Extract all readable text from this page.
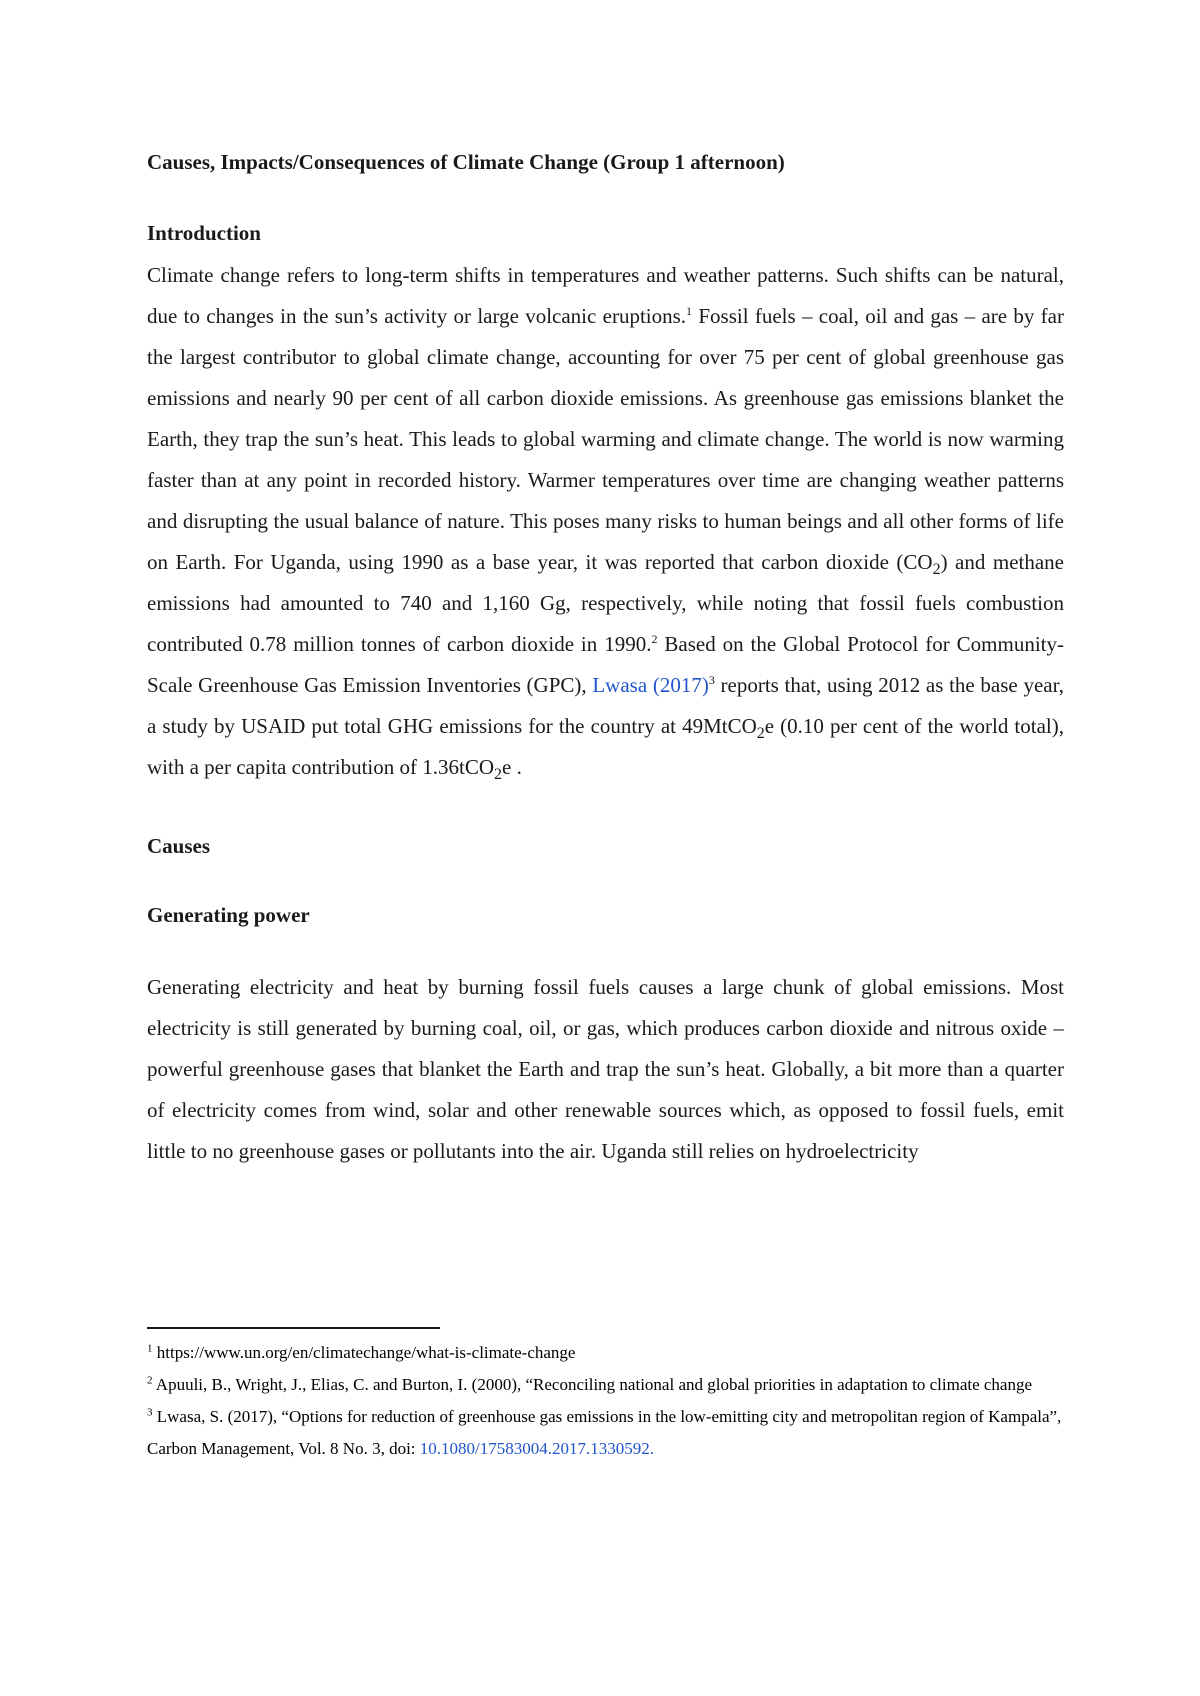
Causes, Impacts/Consequences of Climate Change (Group 1 afternoon)

Introduction

Climate change refers to long-term shifts in temperatures and weather patterns. Such shifts can be natural, due to changes in the sun’s activity or large volcanic eruptions.$^1$ Fossil fuels – coal, oil and gas – are by far the largest contributor to global climate change, accounting for over 75 per cent of global greenhouse gas emissions and nearly 90 per cent of all carbon dioxide emissions. As greenhouse gas emissions blanket the Earth, they trap the sun’s heat. This leads to global warming and climate change. The world is now warming faster than at any point in recorded history. Warmer temperatures over time are changing weather patterns and disrupting the usual balance of nature. This poses many risks to human beings and all other forms of life on Earth. For Uganda, using 1990 as a base year, it was reported that carbon dioxide $(CO_2)$ and methane emissions had amounted to 740 and 1,160 Gg, respectively, while noting that fossil fuels combustion contributed 0.78 million tonnes of carbon dioxide in 1990.$^2$ Based on the Global Protocol for Community-Scale Greenhouse Gas Emission Inventories (GPC), Lwasa $(2017)^3$ reports that, using 2012 as the base year, a study by USAID put total GHG emissions for the country at 49MtCO$_2$e (0.10 per cent of the world total), with a per capita contribution of 1.36tCO$_2$e .

Causes

Generating power

Generating electricity and heat by burning fossil fuels causes a large chunk of global emissions. Most electricity is still generated by burning coal, oil, or gas, which produces carbon dioxide and nitrous oxide – powerful greenhouse gases that blanket the Earth and trap the sun’s heat. Globally, a bit more than a quarter of electricity comes from wind, solar and other renewable sources which, as opposed to fossil fuels, emit little to no greenhouse gases or pollutants into the air. Uganda still relies on hydroelectricity

$^1$ https://www.un.org/en/climatechange/what-is-climate-change

$^2$ Apuuli, B., Wright, J., Elias, C. and Burton, I. (2000), “Reconciling national and global priorities in adaptation to climate change

$^3$ Lwasa, S. (2017), “Options for reduction of greenhouse gas emissions in the low-emitting city and metropolitan region of Kampala”, Carbon Management, Vol. 8 No. 3, doi: 10.1080/17583004.2017.1330592.
